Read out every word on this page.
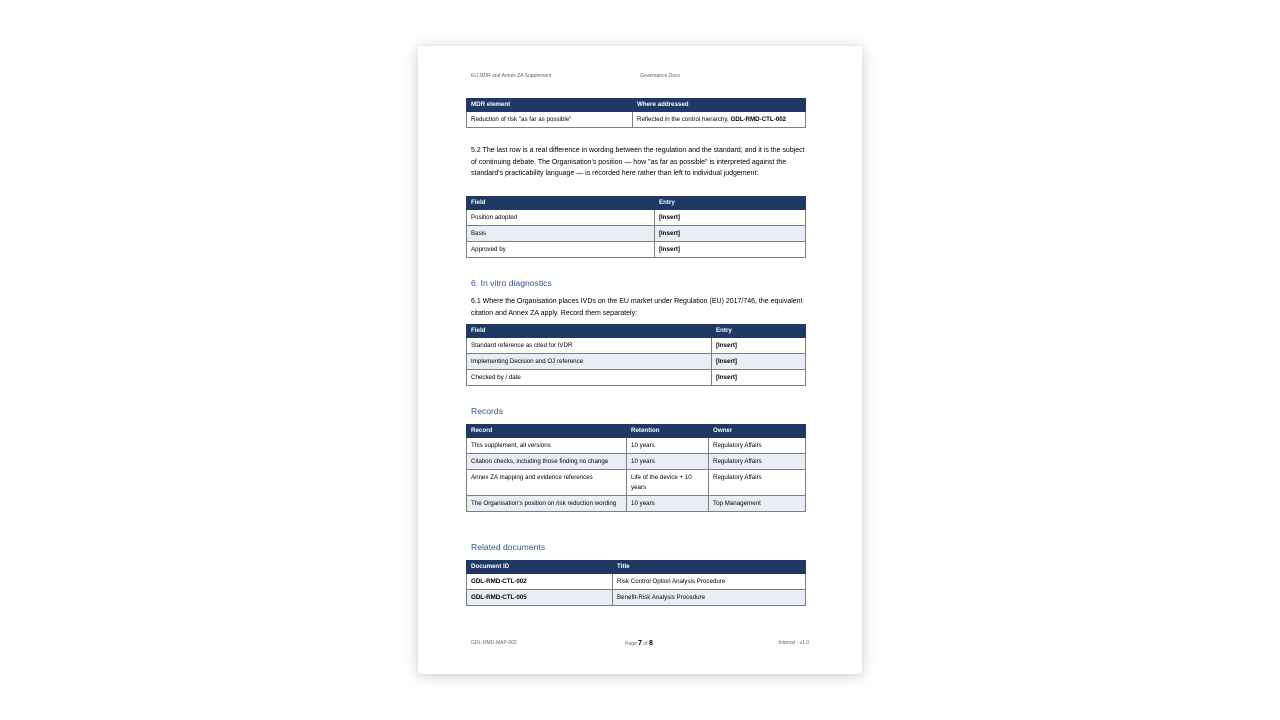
EU MDR and Annex ZA Supplement	Governance Docs
MDR element	Where addressed
Reduction of risk "as far as possible"	Reflected in the control hierarchy, GDL-RMD-CTL-002
5.2 The last row is a real difference in wording between the regulation and the standard, and it is the subject of continuing debate. The Organisation's position — how "as far as possible" is interpreted against the standard's practicability language — is recorded here rather than left to individual judgement:
Field	Entry
Position adopted	[Insert]
Basis	[Insert]
Approved by	[Insert]
6. In vitro diagnostics
6.1 Where the Organisation places IVDs on the EU market under Regulation (EU) 2017/746, the equivalent citation and Annex ZA apply. Record them separately:
Field	Entry
Standard reference as cited for IVDR	[Insert]
Implementing Decision and OJ reference	[Insert]
Checked by / date	[Insert]
Records
Record	Retention	Owner
This supplement, all versions	10 years	Regulatory Affairs
Citation checks, including those finding no change	10 years	Regulatory Affairs
Annex ZA mapping and evidence references	Life of the device + 10 years	Regulatory Affairs
The Organisation's position on risk reduction wording	10 years	Top Management
Related documents
Document ID	Title
GDL-RMD-CTL-002	Risk Control Option Analysis Procedure
GDL-RMD-CTL-005	Benefit-Risk Analysis Procedure
GDL-RMD-MAP-002	Page 7 of 8	Internal - v1.0
